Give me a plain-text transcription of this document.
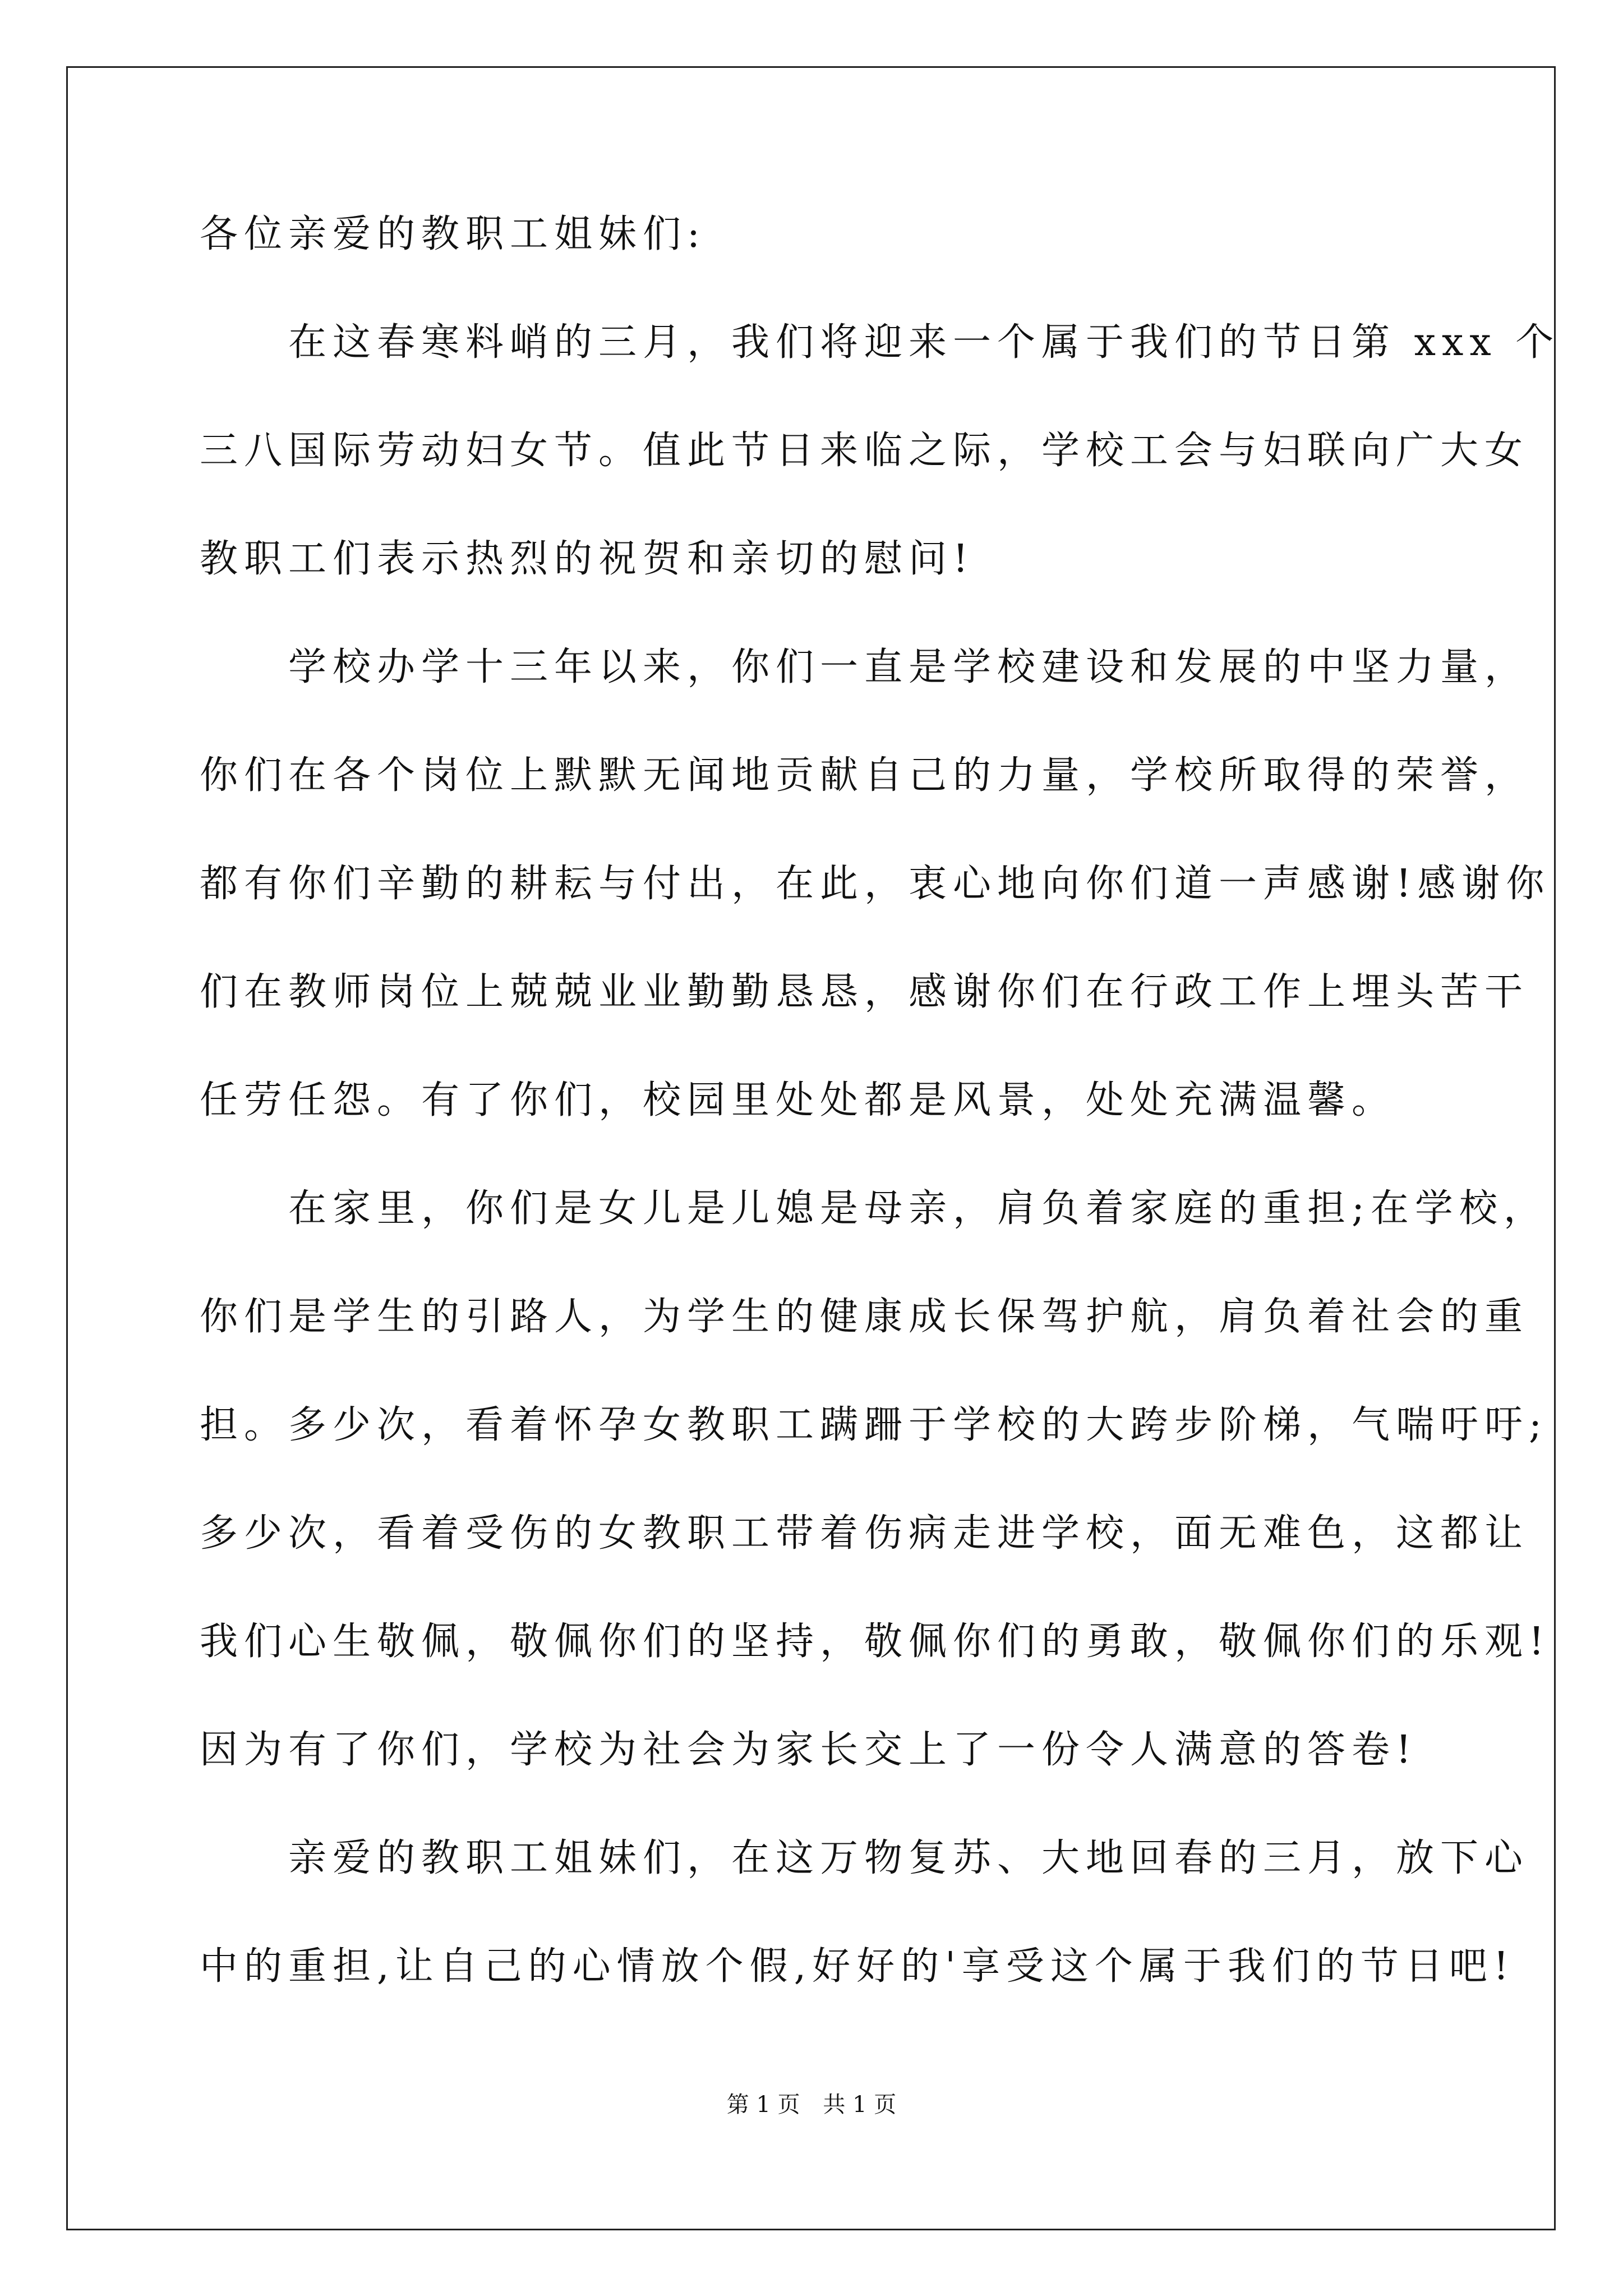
各位亲爱的教职工姐妹们:
　　在这春寒料峭的三月，我们将迎来一个属于我们的节日第 xxx 个
三八国际劳动妇女节。值此节日来临之际，学校工会与妇联向广大女
教职工们表示热烈的祝贺和亲切的慰问!
　　学校办学十三年以来，你们一直是学校建设和发展的中坚力量，
你们在各个岗位上默默无闻地贡献自己的力量，学校所取得的荣誉，
都有你们辛勤的耕耘与付出，在此，衷心地向你们道一声感谢!感谢你
们在教师岗位上兢兢业业勤勤恳恳，感谢你们在行政工作上埋头苦干
任劳任怨。有了你们，校园里处处都是风景，处处充满温馨。
　　在家里，你们是女儿是儿媳是母亲，肩负着家庭的重担;在学校，
你们是学生的引路人，为学生的健康成长保驾护航，肩负着社会的重
担。多少次，看着怀孕女教职工蹒跚于学校的大跨步阶梯，气喘吁吁;
多少次，看着受伤的女教职工带着伤病走进学校，面无难色，这都让
我们心生敬佩，敬佩你们的坚持，敬佩你们的勇敢，敬佩你们的乐观!
因为有了你们，学校为社会为家长交上了一份令人满意的答卷!
　　亲爱的教职工姐妹们，在这万物复苏、大地回春的三月，放下心
中的重担,让自己的心情放个假,好好的'享受这个属于我们的节日吧!
第 1 页 共 1 页
